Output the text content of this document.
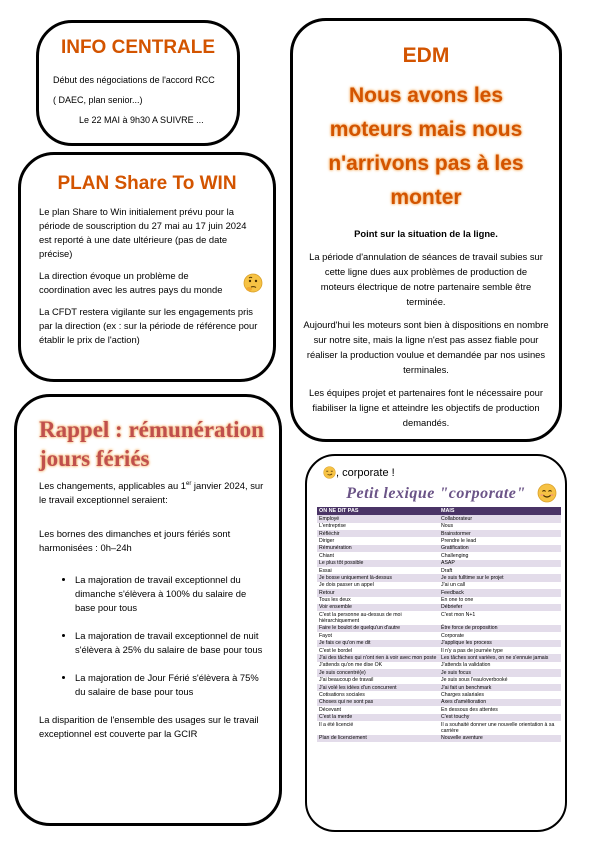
INFO CENTRALE

Début des négociations de l'accord RCC

( DAEC, plan senior...)

Le 22 MAI à 9h30 A SUIVRE ...

PLAN Share To WIN

Le plan Share to Win initialement prévu pour la période de souscription du 27 mai au 17 juin 2024 est reporté à une date ultérieure (pas de date précise)

La direction évoque un problème de coordination avec les autres pays du monde

La CFDT restera vigilante sur les engagements pris par la direction (ex : sur la période de référence pour établir le prix de l'action)

EDM
Nous avons les moteurs mais nous n'arrivons pas à les monter

Point sur la situation de la ligne.

La période d'annulation de séances de travail subies sur cette ligne dues aux problèmes de production de moteurs électrique de notre partenaire semble être terminée.

Aujourd'hui les moteurs sont bien à dispositions en nombre sur notre site, mais la ligne n'est pas assez fiable pour réaliser la production voulue et demandée par nos usines terminales.

Les équipes projet et partenaires font le nécessaire pour fiabiliser la ligne et atteindre les objectifs de production demandés.

Rappel : rémunération jours fériés

Les changements, applicables au 1er janvier 2024, sur le travail exceptionnel seraient:

Les bornes des dimanches et jours fériés sont harmonisées : 0h–24h

• La majoration de travail exceptionnel du dimanche s'élèvera à 100% du salaire de base pour tous
• La majoration de travail exceptionnel de nuit s'élèvera à 25% du salaire de base pour tous
• La majoration de Jour Férié s'élèvera à 75% du salaire de base pour tous

La disparition de l'ensemble des usages sur le travail exceptionnel est couverte par la GCIR

, corporate !
Petit lexique "corporate"
ON NE DIT PAS	MAIS
Employé	Collaborateur
L'entreprise	Nous
Réfléchir	Brainstormer
Diriger	Prendre le lead
Rémunération	Gratification
Chiant	Challenging
Le plus tôt possible	ASAP
Essai	Draft
Je bosse uniquement là-dessus	Je suis fulltime sur le projet
Je dois passer un appel	J'ai un call
Retour	Feedback
Tous les deux	En one to one
Voir ensemble	Débriefer
C'est la personne au-dessus de moi hiérarchiquement	C'est mon N+1
Faire le boulot de quelqu'un d'autre	Être force de proposition
Fayot	Corporate
Je fais ce qu'on me dit	J'applique les process
C'est le bordel	Il n'y a pas de journée type
J'ai des tâches qui n'ont rien à voir avec mon poste	Les tâches sont variées, on ne s'ennuie jamais
J'attends qu'on me dise OK	J'attends la validation
Je suis concentré(e)	Je suis focus
J'ai beaucoup de travail	Je suis sous l'eau/overbooké
J'ai volé les idées d'un concurrent	J'ai fait un benchmark
Cotisations sociales	Charges salariales
Choses qui ne sont pas	Axes d'amélioration
Décevant	En dessous des attentes
C'est la merde	C'est touchy
Il a été licencié	Il a souhaité donner une nouvelle orientation à sa carrière
Plan de licenciement	Nouvelle aventure
